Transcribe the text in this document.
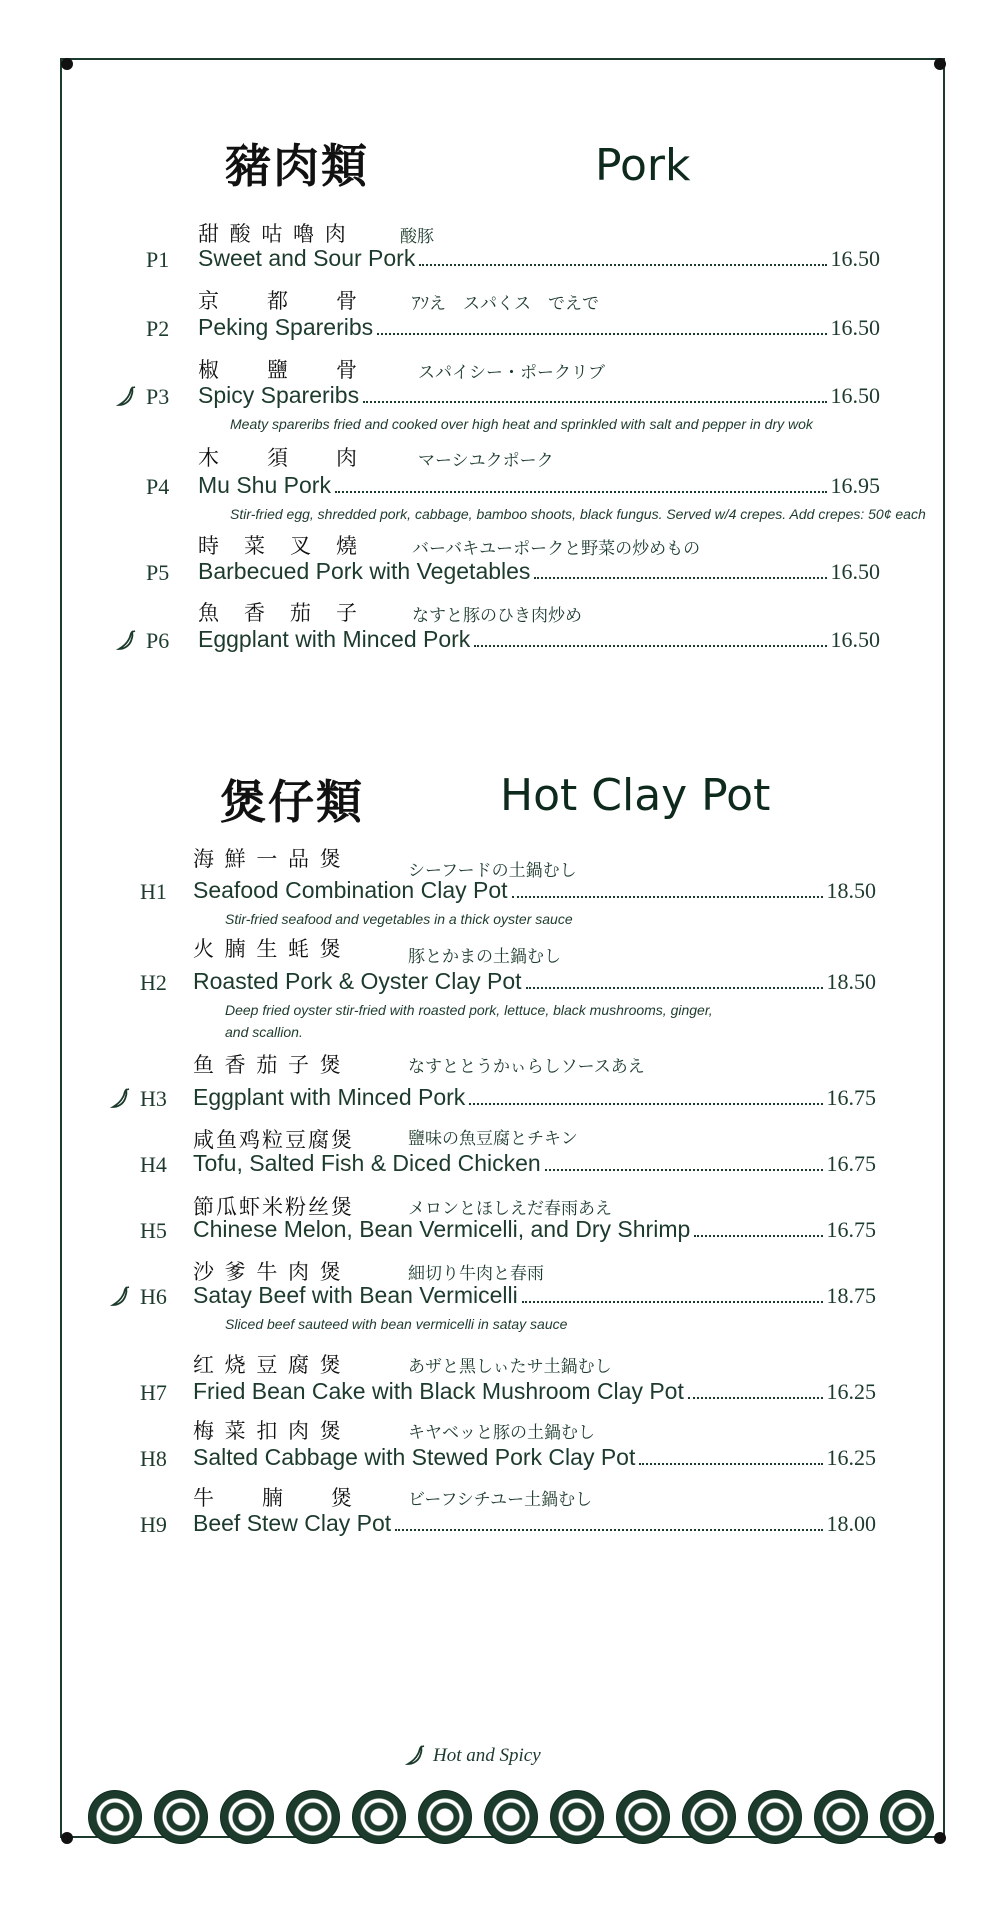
豬肉類	Pork
甜 酸 咕 嚕 肉	酸豚
P1 Sweet and Sour Pork	16.50
京　　都　　骨	ｱｿえ　スパくス　でえで
P2 Peking Spareribs	16.50
椒　　鹽　　骨	スパイシー・ポークリブ
P3 Spicy Spareribs	16.50
Meaty spareribs fried and cooked over high heat and sprinkled with salt and pepper in dry wok
木　　須　　肉	マーシユクポーク
P4 Mu Shu Pork	16.95
Stir-fried egg, shredded pork, cabbage, bamboo shoots, black fungus. Served w/4 crepes. Add crepes: 50¢ each
時　菜　叉　燒	バーバキユーポークと野菜の炒めもの
P5 Barbecued Pork with Vegetables	16.50
魚　香　茄　子	なすと豚のひき肉炒め
P6 Eggplant with Minced Pork	16.50
煲仔類	Hot Clay Pot
海 鮮 一 品 煲	シーフードの土鍋むし
H1 Seafood Combination Clay Pot	18.50
Stir-fried seafood and vegetables in a thick oyster sauce
火 腩 生 蚝 煲	豚とかまの土鍋むし
H2 Roasted Pork & Oyster Clay Pot	18.50
Deep fried oyster stir-fried with roasted pork, lettuce, black mushrooms, ginger,
and scallion.
鱼 香 茄 子 煲	なすととうかぃらしソースあえ
H3 Eggplant with Minced Pork	16.75
咸鱼鸡粒豆腐煲	鹽味の魚豆腐とチキン
H4 Tofu, Salted Fish & Diced Chicken	16.75
節瓜虾米粉丝煲	メロンとほしえだ春雨あえ
H5 Chinese Melon, Bean Vermicelli, and Dry Shrimp	16.75
沙 爹 牛 肉 煲	細切り牛肉と春雨
H6 Satay Beef with Bean Vermicelli	18.75
Sliced beef sauteed with bean vermicelli in satay sauce
红 烧 豆 腐 煲	あザと黑しぃたサ土鍋むし
H7 Fried Bean Cake with Black Mushroom Clay Pot	16.25
梅 菜 扣 肉 煲	キヤベッと豚の土鍋むし
H8 Salted Cabbage with Stewed Pork Clay Pot	16.25
牛　　腩　　煲	ビーフシチユー土鍋むし
H9 Beef Stew Clay Pot	18.00
Hot and Spicy
